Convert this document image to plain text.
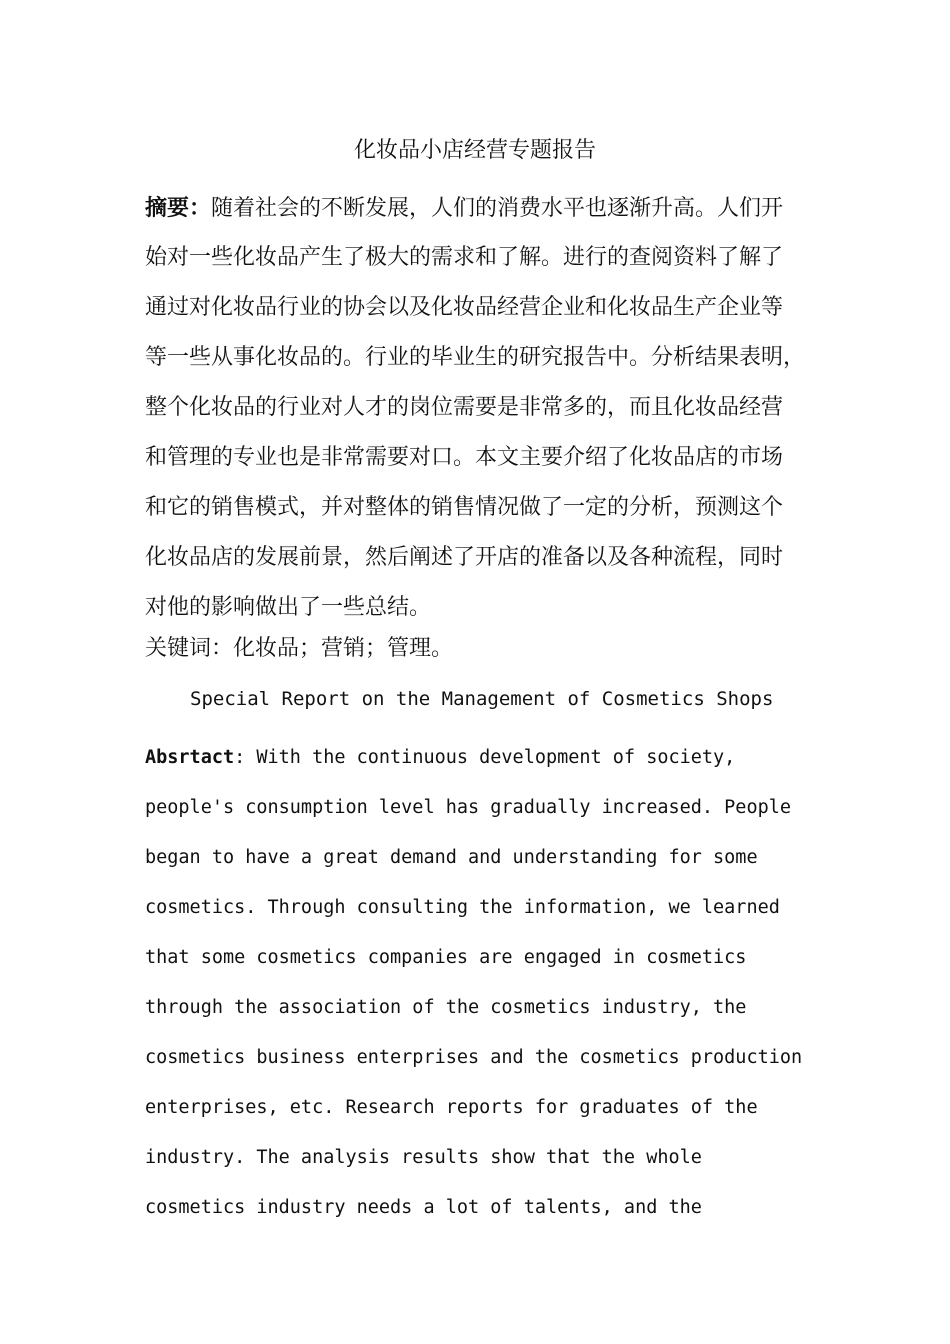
化妆品小店经营专题报告
摘要：随着社会的不断发展，人们的消费水平也逐渐升高。人们开
始对一些化妆品产生了极大的需求和了解。进行的查阅资料了解了
通过对化妆品行业的协会以及化妆品经营企业和化妆品生产企业等
等一些从事化妆品的。行业的毕业生的研究报告中。分析结果表明，
整个化妆品的行业对人才的岗位需要是非常多的，而且化妆品经营
和管理的专业也是非常需要对口。本文主要介绍了化妆品店的市场
和它的销售模式，并对整体的销售情况做了一定的分析，预测这个
化妆品店的发展前景，然后阐述了开店的准备以及各种流程，同时
对他的影响做出了一些总结。
关键词：化妆品；营销；管理。
Special Report on the Management of Cosmetics Shops
Absrtact: With the continuous development of society,
people's consumption level has gradually increased. People
began to have a great demand and understanding for some
cosmetics. Through consulting the information, we learned
that some cosmetics companies are engaged in cosmetics
through the association of the cosmetics industry, the
cosmetics business enterprises and the cosmetics production
enterprises, etc. Research reports for graduates of the
industry. The analysis results show that the whole
cosmetics industry needs a lot of talents, and the
